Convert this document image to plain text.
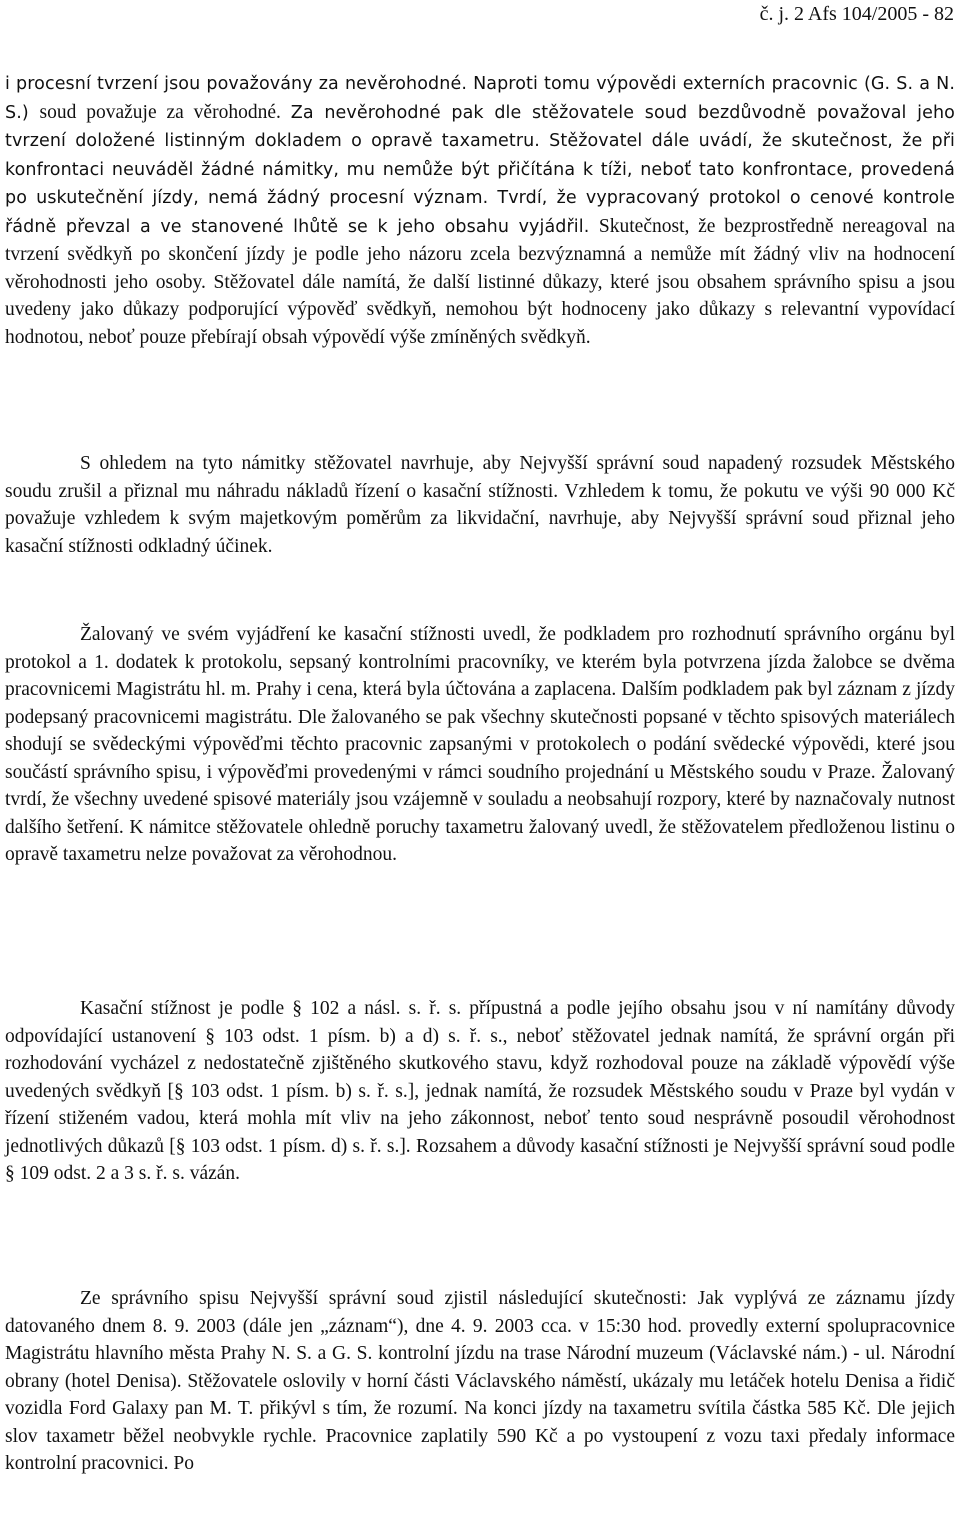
č. j. 2 Afs 104/2005 - 82
i procesní tvrzení jsou považovány za nevěrohodné. Naproti tomu výpovědi externích pracovnic (G. S. a N. S.) soud považuje za věrohodné. Za nevěrohodné pak dle stěžovatele soud bezdůvodně považoval jeho tvrzení doložené listinným dokladem o opravě taxametru. Stěžovatel dále uvádí, že skutečnost, že při konfrontaci neuváděl žádné námitky, mu nemůže být přičítána k tíži, neboť tato konfrontace, provedená po uskutečnění jízdy, nemá žádný procesní význam. Tvrdí, že vypracovaný protokol o cenové kontrole řádně převzal a ve stanovené lhůtě se k jeho obsahu vyjádřil. Skutečnost, že bezprostředně nereagoval na tvrzení svědkyň po skončení jízdy je podle jeho názoru zcela bezvýznamná a nemůže mít žádný vliv na hodnocení věrohodnosti jeho osoby. Stěžovatel dále namítá, že další listinné důkazy, které jsou obsahem správního spisu a jsou uvedeny jako důkazy podporující výpověď svědkyň, nemohou být hodnoceny jako důkazy s relevantní vypovídací hodnotou, neboť pouze přebírají obsah výpovědí výše zmíněných svědkyň.
S ohledem na tyto námitky stěžovatel navrhuje, aby Nejvyšší správní soud napadený rozsudek Městského soudu zrušil a přiznal mu náhradu nákladů řízení o kasační stížnosti. Vzhledem k tomu, že pokutu ve výši 90 000 Kč považuje vzhledem k svým majetkovým poměrům za likvidační, navrhuje, aby Nejvyšší správní soud přiznal jeho kasační stížnosti odkladný účinek.
Žalovaný ve svém vyjádření ke kasační stížnosti uvedl, že podkladem pro rozhodnutí správního orgánu byl protokol a 1. dodatek k protokolu, sepsaný kontrolními pracovníky, ve kterém byla potvrzena jízda žalobce se dvěma pracovnicemi Magistrátu hl. m. Prahy i cena, která byla účtována a zaplacena. Dalším podkladem pak byl záznam z jízdy podepsaný pracovnicemi magistrátu. Dle žalovaného se pak všechny skutečnosti popsané v těchto spisových materiálech shodují se svědeckými výpověďmi těchto pracovnic zapsanými v protokolech o podání svědecké výpovědi, které jsou součástí správního spisu, i výpověďmi provedenými v rámci soudního projednání u Městského soudu v Praze. Žalovaný tvrdí, že všechny uvedené spisové materiály jsou vzájemně v souladu a neobsahují rozpory, které by naznačovaly nutnost dalšího šetření. K námitce stěžovatele ohledně poruchy taxametru žalovaný uvedl, že stěžovatelem předloženou listinu o opravě taxametru nelze považovat za věrohodnou.
Kasační stížnost je podle § 102 a násl. s. ř. s. přípustná a podle jejího obsahu jsou v ní namítány důvody odpovídající ustanovení § 103 odst. 1 písm. b) a d) s. ř. s., neboť stěžovatel jednak namítá, že správní orgán při rozhodování vycházel z nedostatečně zjištěného skutkového stavu, když rozhodoval pouze na základě výpovědí výše uvedených svědkyň [§ 103 odst. 1 písm. b) s. ř. s.], jednak namítá, že rozsudek Městského soudu v Praze byl vydán v řízení stiženém vadou, která mohla mít vliv na jeho zákonnost, neboť tento soud nesprávně posoudil věrohodnost jednotlivých důkazů [§ 103 odst. 1 písm. d) s. ř. s.]. Rozsahem a důvody kasační stížnosti je Nejvyšší správní soud podle § 109 odst. 2 a 3 s. ř. s. vázán.
Ze správního spisu Nejvyšší správní soud zjistil následující skutečnosti: Jak vyplývá ze záznamu jízdy datovaného dnem 8. 9. 2003 (dále jen „záznam“), dne 4. 9. 2003 cca. v 15:30 hod. provedly externí spolupracovnice Magistrátu hlavního města Prahy N. S. a G. S. kontrolní jízdu na trase Národní muzeum (Václavské nám.) - ul. Národní obrany (hotel Denisa). Stěžovatele oslovily v horní části Václavského náměstí, ukázaly mu letáček hotelu Denisa a řidič vozidla Ford Galaxy pan M. T. přikývl s tím, že rozumí. Na konci jízdy na taxametru svítila částka 585 Kč. Dle jejich slov taxametr běžel neobvykle rychle. Pracovnice zaplatily 590 Kč a po vystoupení z vozu taxi předaly informace kontrolní pracovnici. Po
